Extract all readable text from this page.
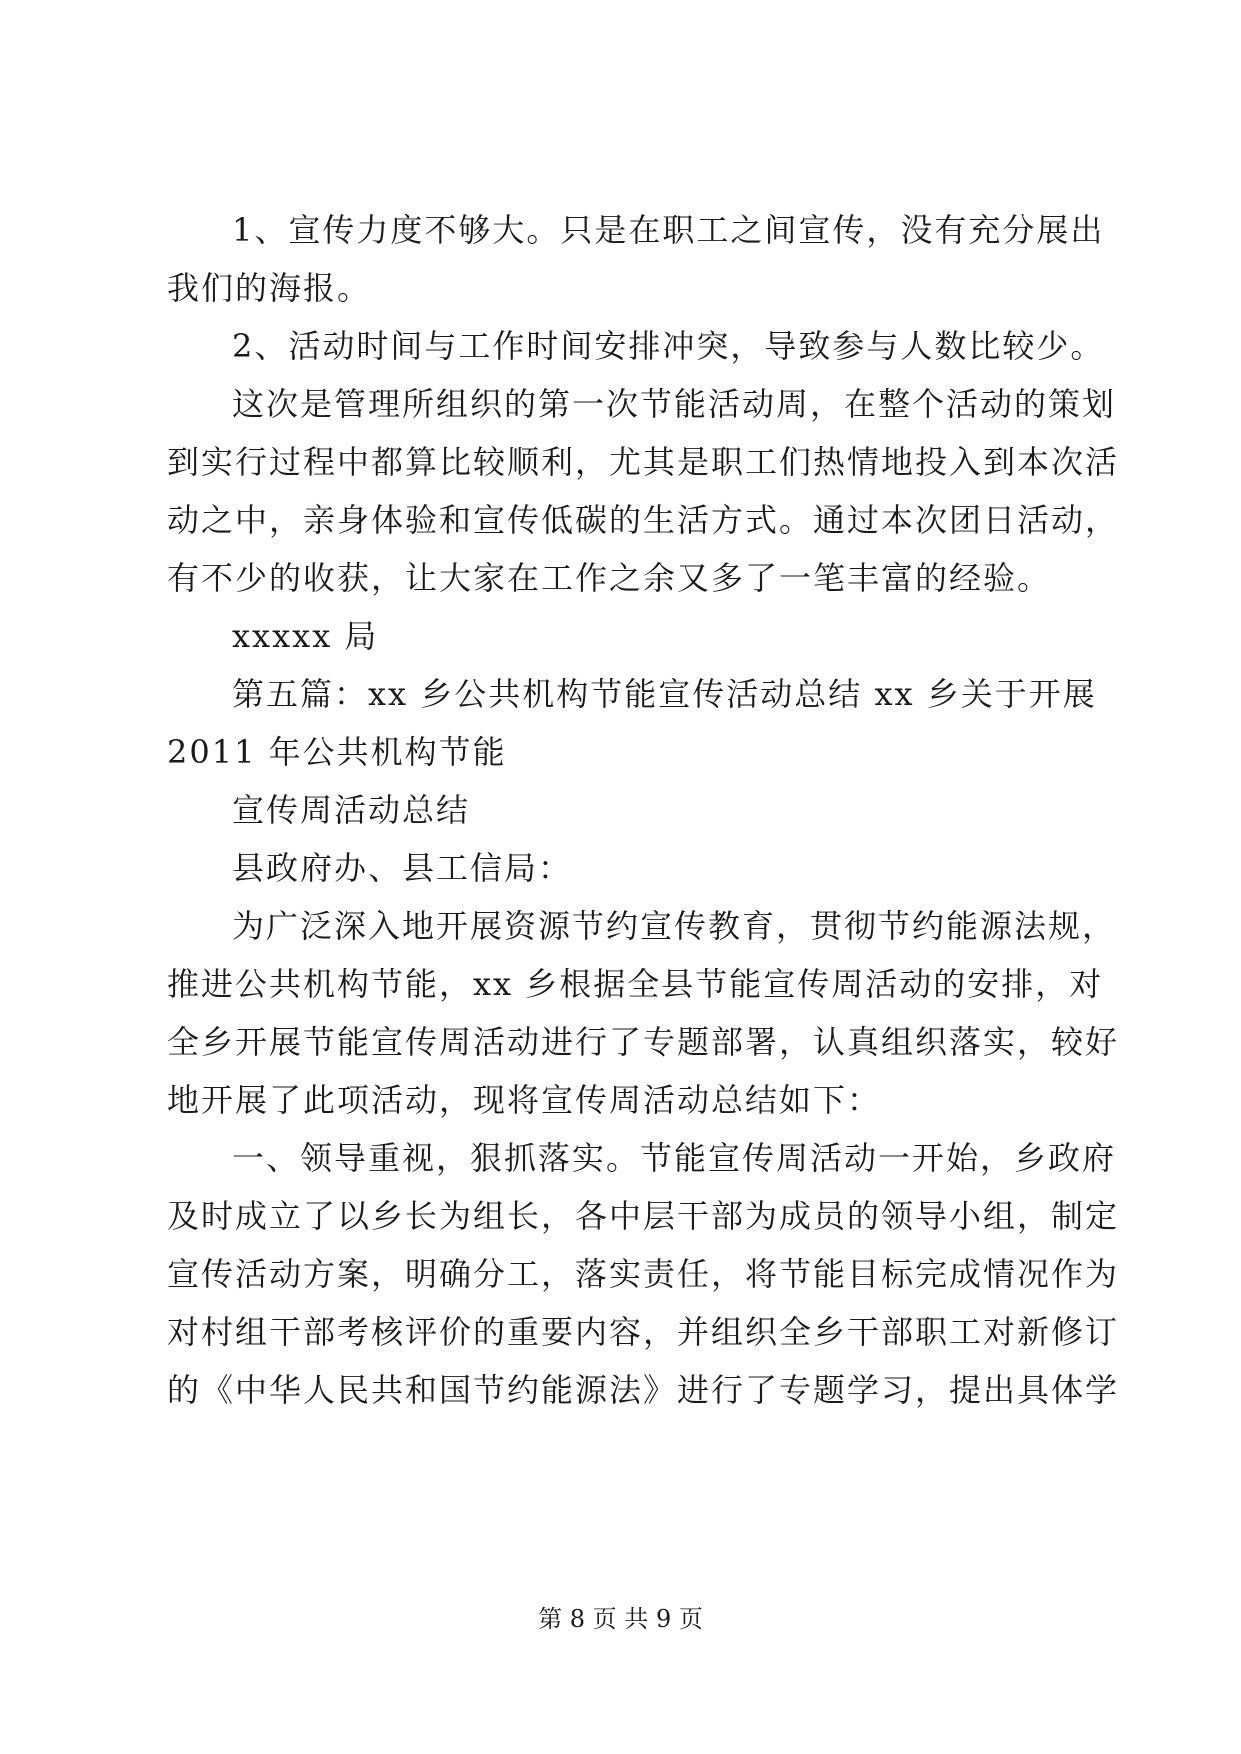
1、宣传力度不够大。只是在职工之间宣传，没有充分展出
我们的海报。
2、活动时间与工作时间安排冲突，导致参与人数比较少。
这次是管理所组织的第一次节能活动周，在整个活动的策划
到实行过程中都算比较顺利，尤其是职工们热情地投入到本次活
动之中，亲身体验和宣传低碳的生活方式。通过本次团日活动，
有不少的收获，让大家在工作之余又多了一笔丰富的经验。
xxxxx 局
第五篇：xx 乡公共机构节能宣传活动总结 xx 乡关于开展
2011 年公共机构节能
宣传周活动总结
县政府办、县工信局：
为广泛深入地开展资源节约宣传教育，贯彻节约能源法规，
推进公共机构节能，xx 乡根据全县节能宣传周活动的安排，对
全乡开展节能宣传周活动进行了专题部署，认真组织落实，较好
地开展了此项活动，现将宣传周活动总结如下：
一、领导重视，狠抓落实。节能宣传周活动一开始，乡政府
及时成立了以乡长为组长，各中层干部为成员的领导小组，制定
宣传活动方案，明确分工，落实责任，将节能目标完成情况作为
对村组干部考核评价的重要内容，并组织全乡干部职工对新修订
的《中华人民共和国节约能源法》进行了专题学习，提出具体学
第 8 页 共 9 页
